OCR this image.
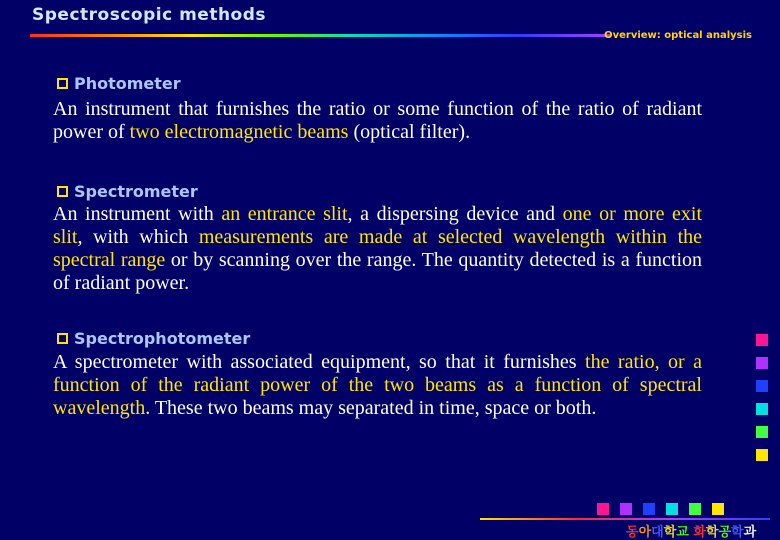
Spectroscopic methods
Overview: optical analysis
Photometer

An instrument that furnishes the ratio or some function of the ratio of radiant power of two electromagnetic beams (optical filter).

Spectrometer

An instrument with an entrance slit, a dispersing device and one or more exit slit, with which measurements are made at selected wavelength within the spectral range or by scanning over the range. The quantity detected is a function of radiant power.

Spectrophotometer

A spectrometer with associated equipment, so that it furnishes the ratio, or a function of the radiant power of the two beams as a function of spectral wavelength. These two beams may separated in time, space or both.

동아대학교 화학공학과
